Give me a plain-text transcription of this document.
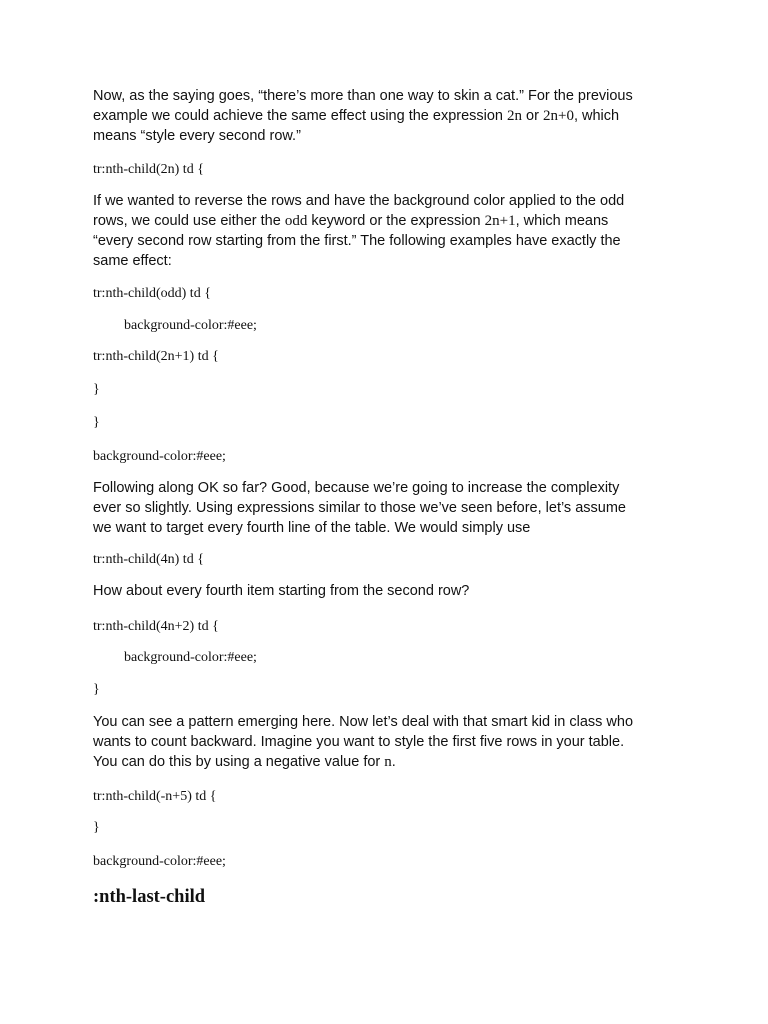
Now, as the saying goes, “there’s more than one way to skin a cat.” For the previous
example we could achieve the same effect using the expression 2n or 2n+0, which
means “style every second row.”
tr:nth-child(2n) td {
If we wanted to reverse the rows and have the background color applied to the odd
rows, we could use either the odd keyword or the expression 2n+1, which means
“every second row starting from the first.” The following examples have exactly the
same effect:
tr:nth-child(odd) td {
background-color:#eee;
tr:nth-child(2n+1) td {
}
}
background-color:#eee;
Following along OK so far? Good, because we’re going to increase the complexity
ever so slightly. Using expressions similar to those we’ve seen before, let’s assume
we want to target every fourth line of the table. We would simply use
tr:nth-child(4n) td {
How about every fourth item starting from the second row?
tr:nth-child(4n+2) td {
background-color:#eee;
}
You can see a pattern emerging here. Now let’s deal with that smart kid in class who
wants to count backward. Imagine you want to style the first five rows in your table.
You can do this by using a negative value for n.
tr:nth-child(-n+5) td {
}
background-color:#eee;
:nth-last-child
